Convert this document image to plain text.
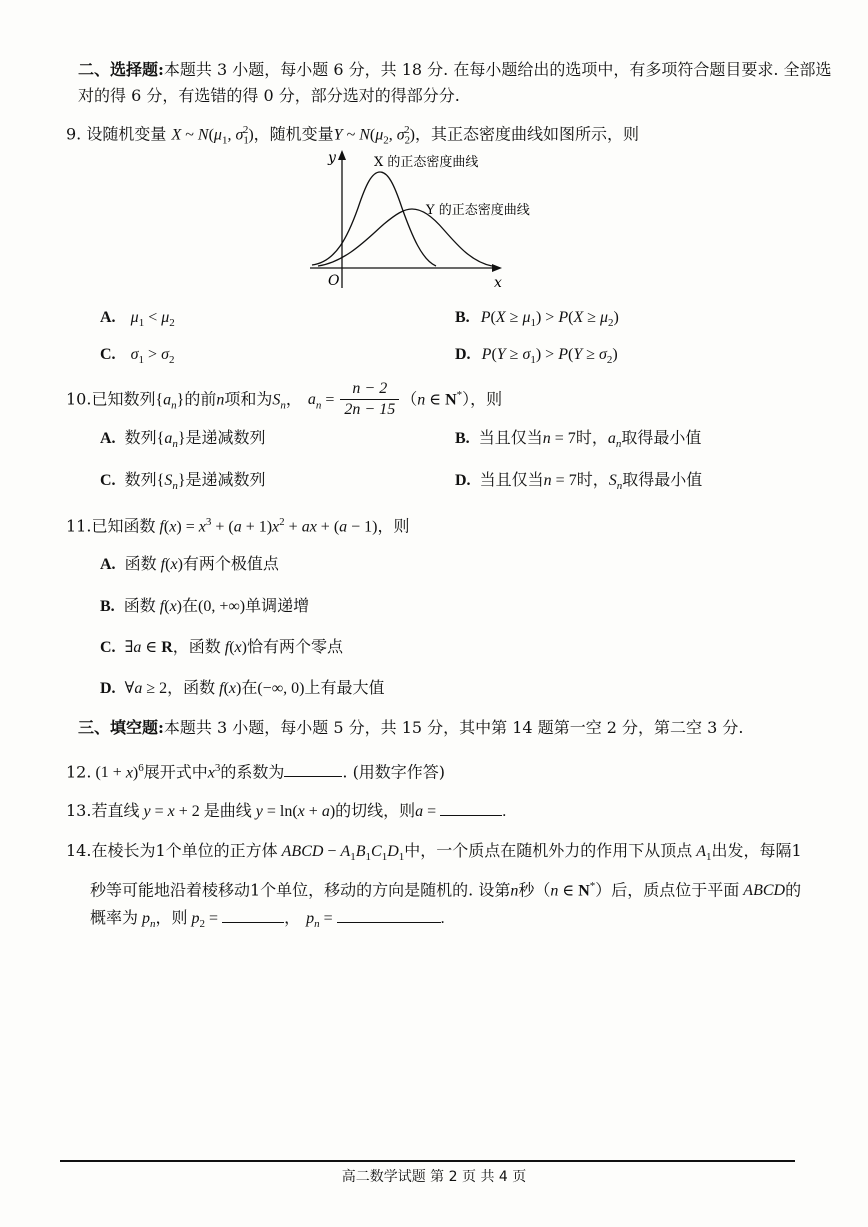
二、选择题:本题共 3 小题，每小题 6 分，共 18 分. 在每小题给出的选项中，有多项符合题目要求. 全部选
对的得 6 分，有选错的得 0 分，部分选对的得部分分.
9. 设随机变量 X ~ $N(\mu_1$, $\sigma_1^2$)，随机变量Y ~ $N(\mu_2$, $\sigma_2^2$)，其正态密度曲线如图所示，则
y
x
O
X 的正态密度曲线
Y 的正态密度曲线
A. $\mu_1 < \mu_2$	B. $P(X \ge \mu_1) > P(X \ge \mu_2)$
C. $\sigma_1 > \sigma_2$	D. $P(Y \ge \sigma_1) > P(Y \ge \sigma_2)$
10.已知数列$\{a_n\}$的前n项和为$S_n$， $a_n = \frac{n - 2}{2n - 15} (n$ ∈ N*），则
A. 数列$\{a_n\}$是递减数列	B. 当且仅当n = 7时，$a_n$取得最小值
C. 数列$\{S_n\}$是递减数列	D. 当且仅当n = 7时，$S_n$取得最小值
11.已知函数 $f(x) = x^3 + (a + 1)x^2$ + ax + (a − 1)，则
A. 函数 f(x)有两个极值点
B. 函数 f(x)在(0, +∞)单调递增
C. ∃a ∈ R，函数 f(x)恰有两个零点
D. ∀a ≥ 2，函数 f(x)在(−∞, 0)上有最大值
三、填空题:本题共 3 小题，每小题 5 分，共 15 分，其中第 14 题第一空 2 分，第二空 3 分.
12. $(1 + x)^6$展开式中$x^3$的系数为	. (用数字作答)
13.若直线 y = x + 2 是曲线 y = ln(x + a)的切线，则a =	.
14.在棱长为1个单位的正方体 ABCD − $A_1B_1C_1D_1$中，一个质点在随机外力的作用下从顶点 $A_1$出发，每隔1
秒等可能地沿着棱移动1个单位，移动的方向是随机的. 设第n秒（n ∈ N*）后，质点位于平面 ABCD的
概率为 $p_n$，则 $p_2$ =	， $p_n$ =	.
高二数学试题 第 2 页 共 4 页
